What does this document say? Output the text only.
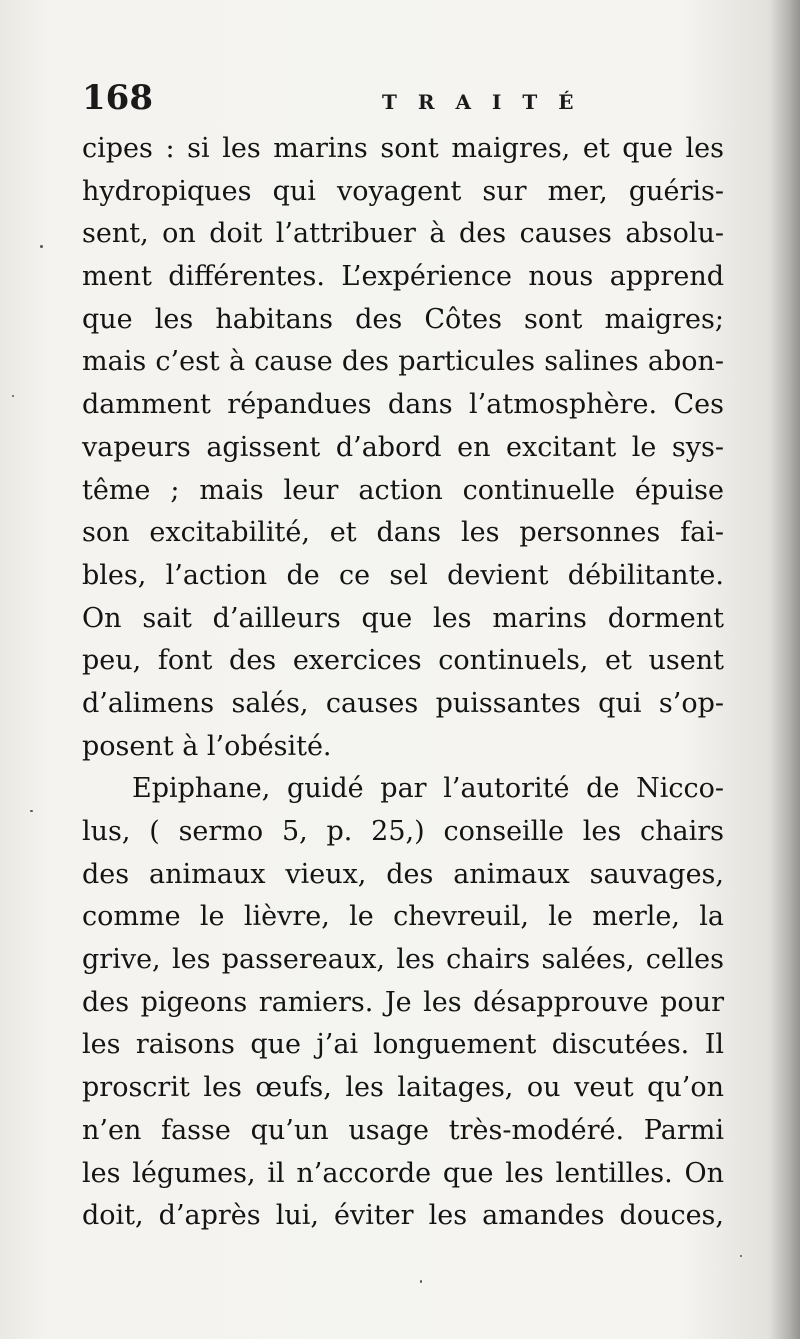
168	TRAITÉ
cipes : si les marins sont maigres, et que les
hydropiques qui voyagent sur mer, guéris-
sent, on doit l’attribuer à des causes absolu-
ment différentes. L’expérience nous apprend
que les habitans des Côtes sont maigres;
mais c’est à cause des particules salines abon-
damment répandues dans l’atmosphère. Ces
vapeurs agissent d’abord en excitant le sys-
tême ; mais leur action continuelle épuise
son excitabilité, et dans les personnes fai-
bles, l’action de ce sel devient débilitante.
On sait d’ailleurs que les marins dorment
peu, font des exercices continuels, et usent
d’alimens salés, causes puissantes qui s’op-
posent à l’obésité.
Epiphane, guidé par l’autorité de Nicco-
lus, ( sermo 5, p. 25,) conseille les chairs
des animaux vieux, des animaux sauvages,
comme le lièvre, le chevreuil, le merle, la
grive, les passereaux, les chairs salées, celles
des pigeons ramiers. Je les désapprouve pour
les raisons que j’ai longuement discutées. Il
proscrit les œufs, les laitages, ou veut qu’on
n’en fasse qu’un usage très-modéré. Parmi
les légumes, il n’accorde que les lentilles. On
doit, d’après lui, éviter les amandes douces,
